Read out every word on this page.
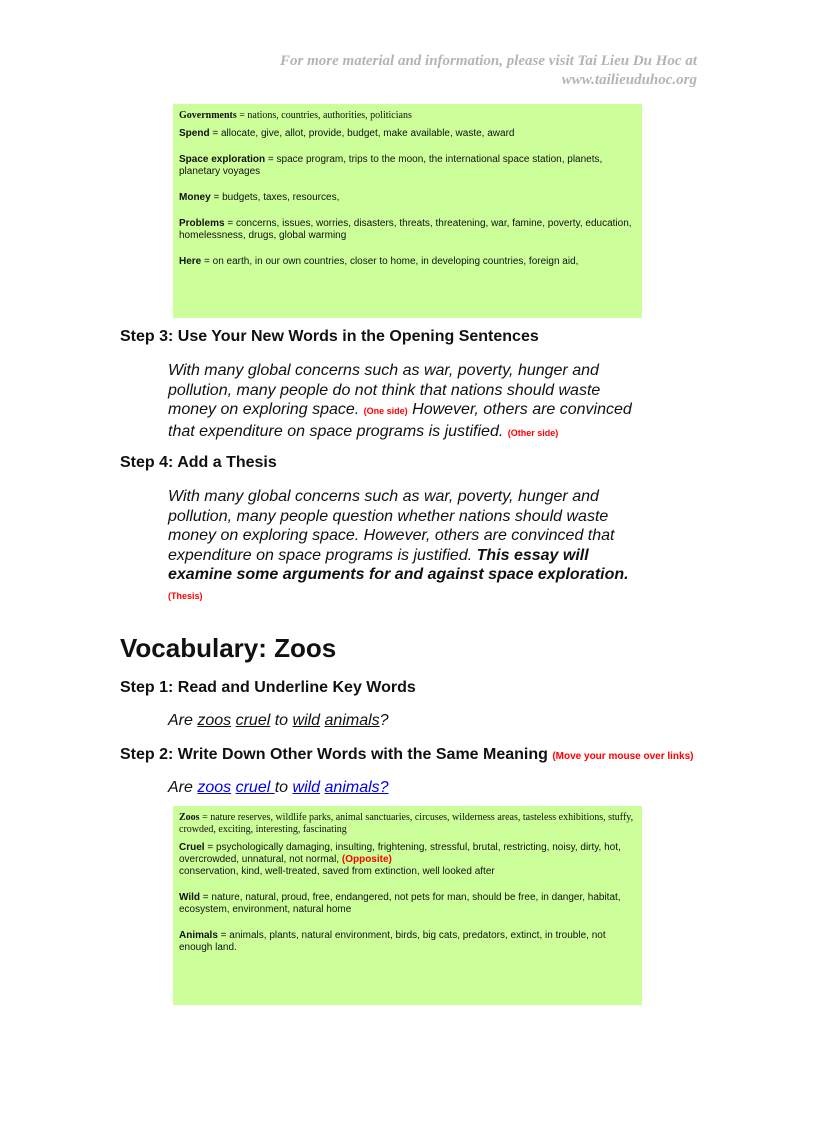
For more material and information, please visit Tai Lieu Du Hoc at
www.tailieuduhoc.org

Governments = nations, countries, authorities, politicians

Spend = allocate, give, allot, provide, budget, make available, waste, award

Space exploration = space program, trips to the moon, the international space station, planets, planetary voyages

Money = budgets, taxes, resources,

Problems = concerns, issues, worries, disasters, threats, threatening, war, famine, poverty, education, homelessness, drugs, global warming

Here = on earth, in our own countries, closer to home, in developing countries, foreign aid,

Step 3: Use Your New Words in the Opening Sentences
With many global concerns such as war, poverty, hunger and pollution, many people do not think that nations should waste money on exploring space. (One side) However, others are convinced that expenditure on space programs is justified. (Other side)
Step 4: Add a Thesis
With many global concerns such as war, poverty, hunger and pollution, many people question whether nations should waste money on exploring space. However, others are convinced that expenditure on space programs is justified. This essay will examine some arguments for and against space exploration.
(Thesis)
Vocabulary: Zoos
Step 1: Read and Underline Key Words
Are zoos cruel to wild animals?
Step 2: Write Down Other Words with the Same Meaning (Move your mouse over links)
Are zoos cruel to wild animals?

Zoos = nature reserves, wildlife parks, animal sanctuaries, circuses, wilderness areas, tasteless exhibitions, stuffy, crowded, exciting, interesting, fascinating

Cruel = psychologically damaging, insulting, frightening, stressful, brutal, restricting, noisy, dirty, hot, overcrowded, unnatural, not normal, (Opposite)
conservation, kind, well-treated, saved from extinction, well looked after

Wild = nature, natural, proud, free, endangered, not pets for man, should be free, in danger, habitat, ecosystem, environment, natural home

Animals = animals, plants, natural environment, birds, big cats, predators, extinct, in trouble, not enough land.
